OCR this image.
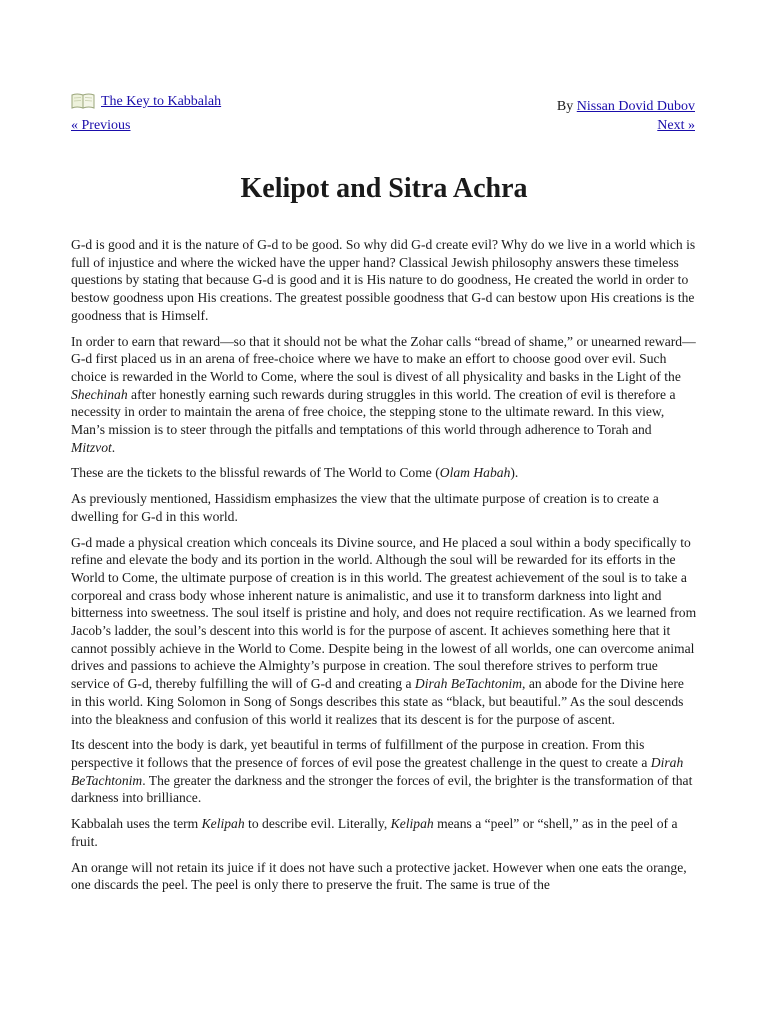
The Key to Kabbalah	By Nissan Dovid Dubov
« Previous	Next »
Kelipot and Sitra Achra

G-d is good and it is the nature of G-d to be good. So why did G-d create evil? Why do we live in a world which is full of injustice and where the wicked have the upper hand? Classical Jewish philosophy answers these timeless questions by stating that because G-d is good and it is His nature to do goodness, He created the world in order to bestow goodness upon His creations. The greatest possible goodness that G-d can bestow upon His creations is the goodness that is Himself.

In order to earn that reward—so that it should not be what the Zohar calls “bread of shame,” or unearned reward—G-d first placed us in an arena of free-choice where we have to make an effort to choose good over evil. Such choice is rewarded in the World to Come, where the soul is divest of all physicality and basks in the Light of the Shechinah after honestly earning such rewards during struggles in this world. The creation of evil is therefore a necessity in order to maintain the arena of free choice, the stepping stone to the ultimate reward. In this view, Man’s mission is to steer through the pitfalls and temptations of this world through adherence to Torah and Mitzvot.

These are the tickets to the blissful rewards of The World to Come (Olam Habah).

As previously mentioned, Hassidism emphasizes the view that the ultimate purpose of creation is to create a dwelling for G-d in this world.

G-d made a physical creation which conceals its Divine source, and He placed a soul within a body specifically to refine and elevate the body and its portion in the world. Although the soul will be rewarded for its efforts in the World to Come, the ultimate purpose of creation is in this world. The greatest achievement of the soul is to take a corporeal and crass body whose inherent nature is animalistic, and use it to transform darkness into light and bitterness into sweetness. The soul itself is pristine and holy, and does not require rectification. As we learned from Jacob’s ladder, the soul’s descent into this world is for the purpose of ascent. It achieves something here that it cannot possibly achieve in the World to Come. Despite being in the lowest of all worlds, one can overcome animal drives and passions to achieve the Almighty’s purpose in creation. The soul therefore strives to perform true service of G-d, thereby fulfilling the will of G-d and creating a Dirah BeTachtonim, an abode for the Divine here in this world. King Solomon in Song of Songs describes this state as “black, but beautiful.” As the soul descends into the bleakness and confusion of this world it realizes that its descent is for the purpose of ascent.

Its descent into the body is dark, yet beautiful in terms of fulfillment of the purpose in creation. From this perspective it follows that the presence of forces of evil pose the greatest challenge in the quest to create a Dirah BeTachtonim. The greater the darkness and the stronger the forces of evil, the brighter is the transformation of that darkness into brilliance.

Kabbalah uses the term Kelipah to describe evil. Literally, Kelipah means a “peel” or “shell,” as in the peel of a fruit.

An orange will not retain its juice if it does not have such a protective jacket. However when one eats the orange, one discards the peel. The peel is only there to preserve the fruit. The same is true of the
